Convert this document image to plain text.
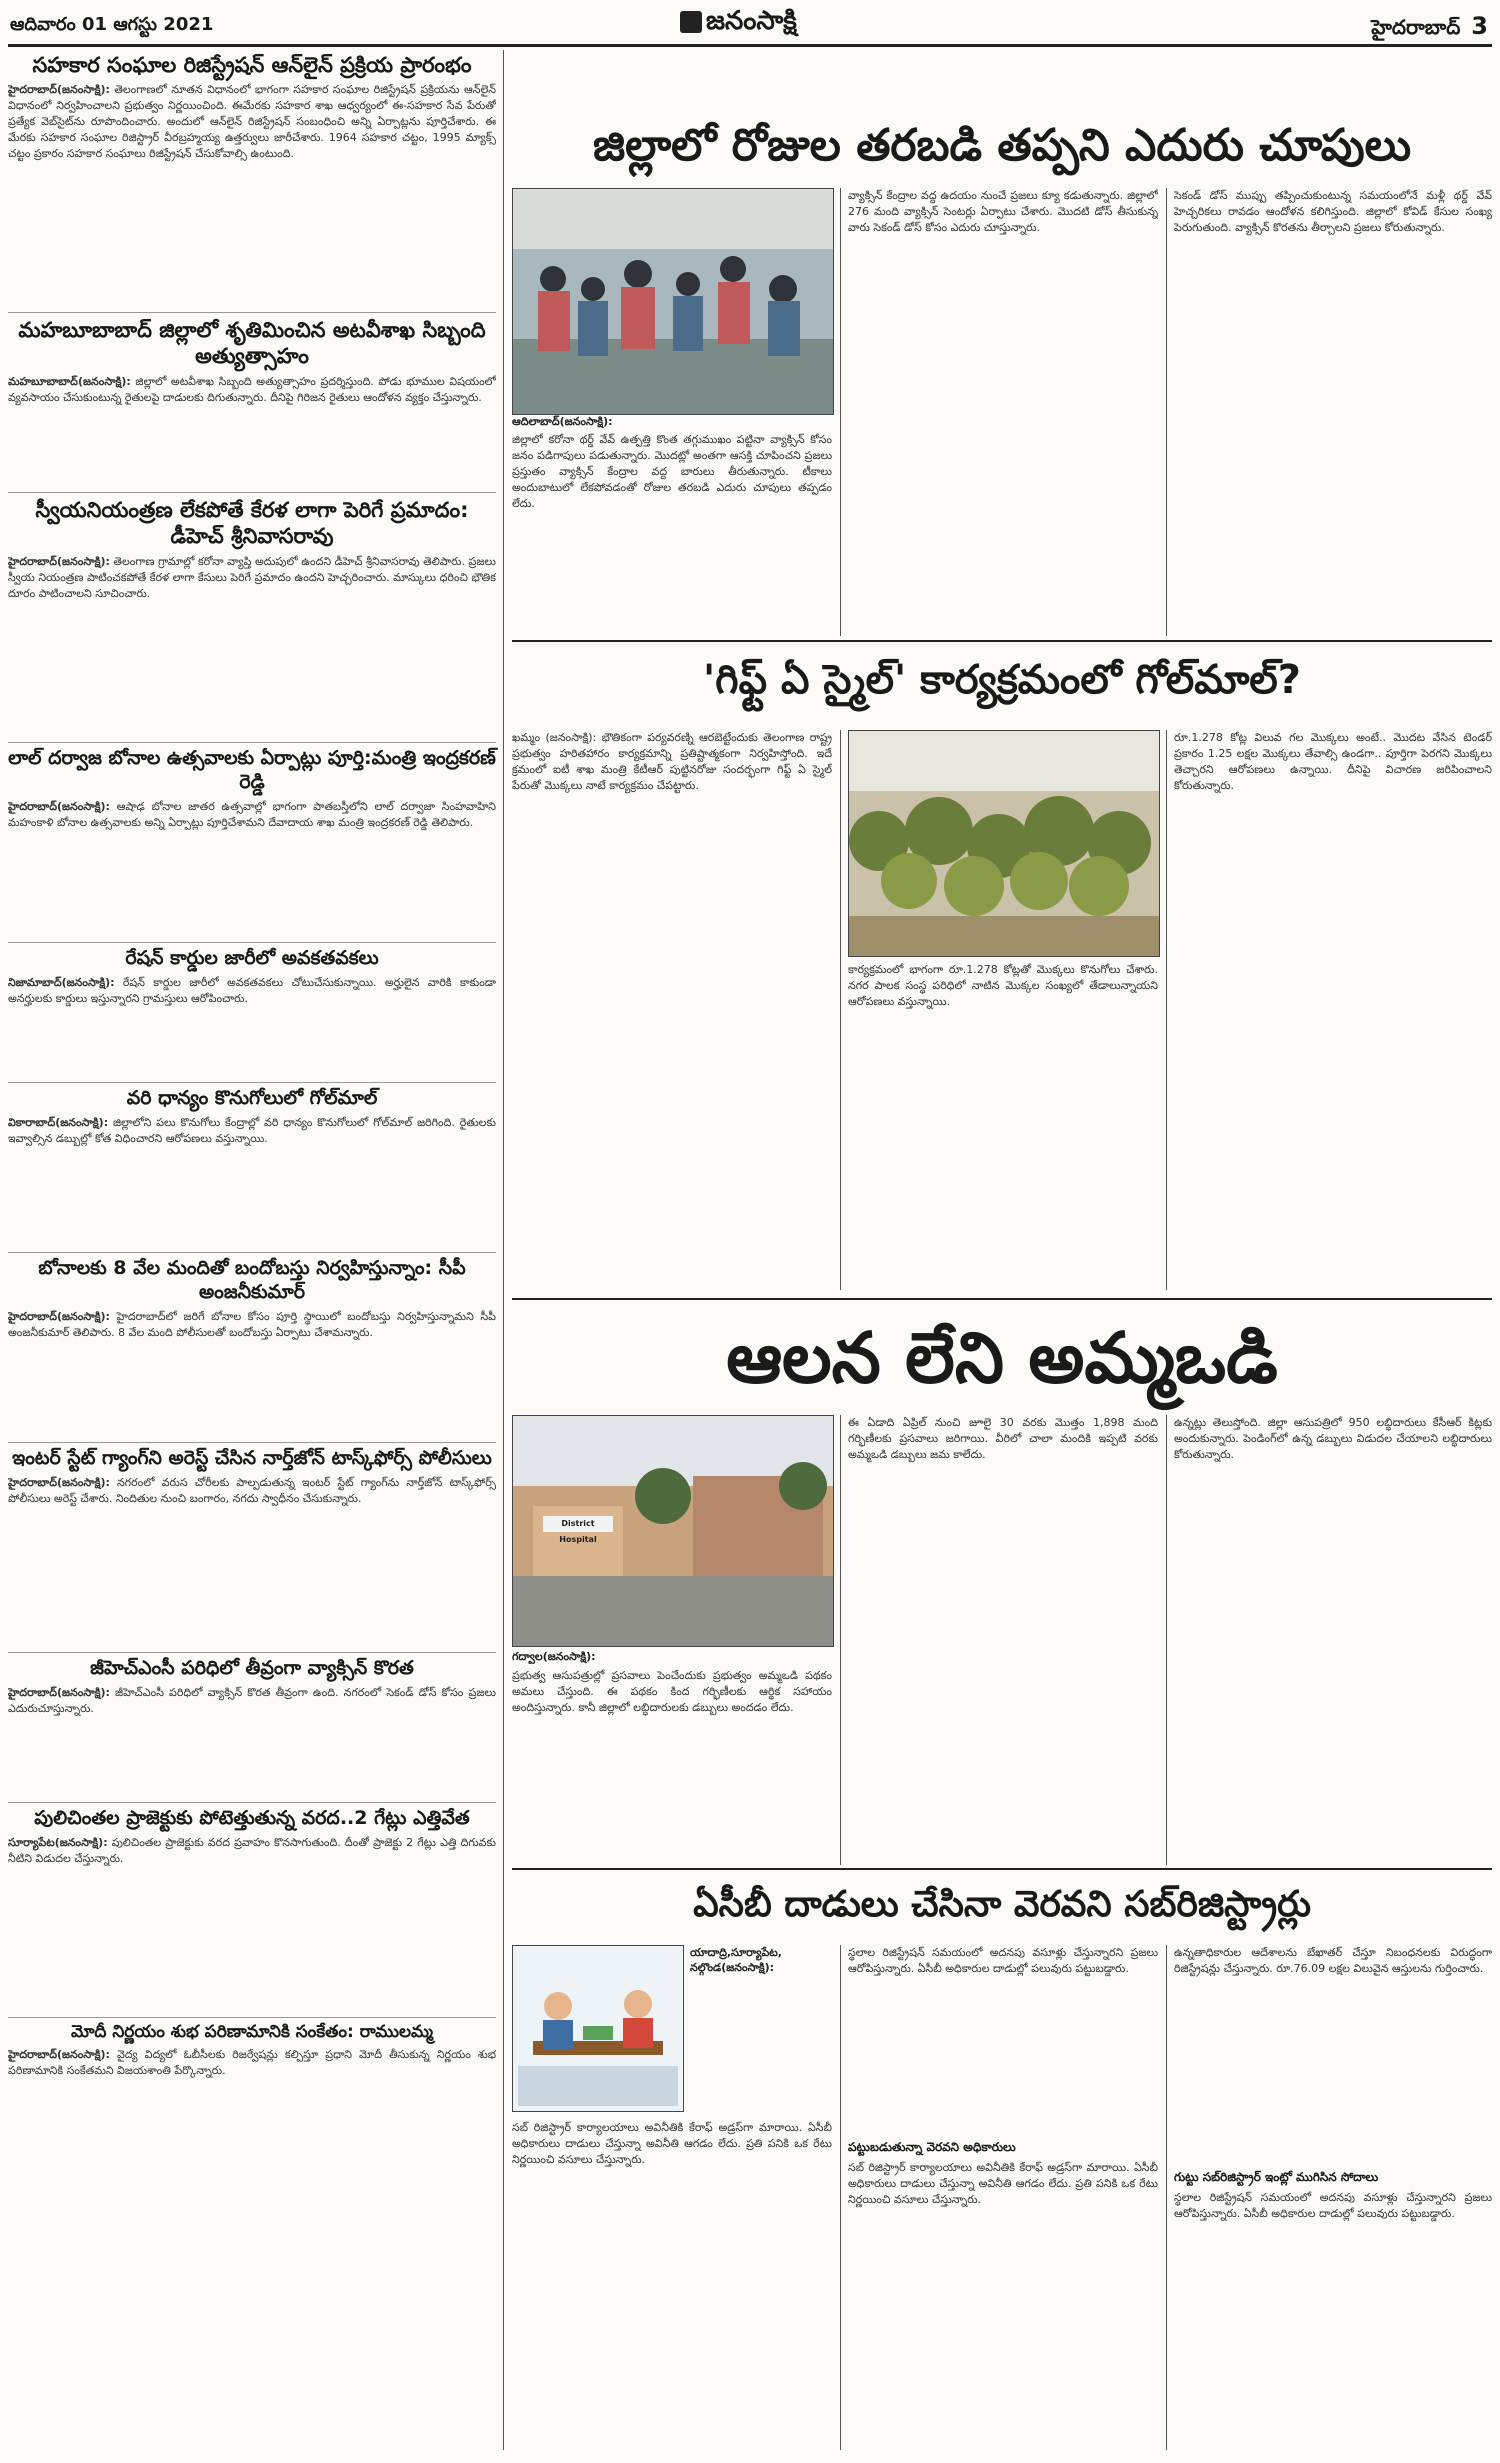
ఆదివారం 01 ఆగస్టు 2021	జనంసాక్షి	హైదరాబాద్ 3
సహకార సంఘాల రిజిస్ట్రేషన్ ఆన్‌లైన్ ప్రక్రియ ప్రారంభం
హైదరాబాద్(జనంసాక్షి): తెలంగాణలో నూతన విధానంలో భాగంగా సహకార సంఘాల రిజిస్ట్రేషన్ ప్రక్రియను ఆన్‌లైన్ విధానంలో నిర్వహించాలని ప్రభుత్వం నిర్ణయించింది. ఈమేరకు సహకార శాఖ ఆధ్వర్యంలో ఈ-సహకార సేవ పేరుతో ప్రత్యేక వెబ్‌సైట్‌ను రూపొందించారు. అందులో ఆన్‌లైన్ రిజిస్ట్రేషన్ సంబంధించి అన్ని ఏర్పాట్లను పూర్తిచేశారు. ఈ మేరకు సహకార సంఘాల రిజిస్ట్రార్ వీరబ్రహ్మయ్య ఉత్తర్వులు జారీచేశారు. 1964 సహకార చట్టం, 1995 మ్యాక్స్ చట్టం ప్రకారం సహకార సంఘాలు రిజిస్ట్రేషన్ చేసుకోవాల్సి ఉంటుంది.
మహబూబాబాద్ జిల్లాలో శృతిమించిన అటవీశాఖ సిబ్బంది అత్యుత్సాహం
మహబూబాబాద్(జనంసాక్షి): జిల్లాలో అటవీశాఖ సిబ్బంది అత్యుత్సాహం ప్రదర్శిస్తుంది. పోడు భూముల విషయంలో వ్యవసాయం చేసుకుంటున్న రైతులపై దాడులకు దిగుతున్నారు. దీనిపై గిరిజన రైతులు ఆందోళన వ్యక్తం చేస్తున్నారు.
స్వీయనియంత్రణ లేకపోతే కేరళ లాగా పెరిగే ప్రమాదం: డీహెచ్ శ్రీనివాసరావు
హైదరాబాద్(జనంసాక్షి): తెలంగాణ గ్రామాల్లో కరోనా వ్యాప్తి అదుపులో ఉందని డీహెచ్ శ్రీనివాసరావు తెలిపారు. ప్రజలు స్వీయ నియంత్రణ పాటించకపోతే కేరళ లాగా కేసులు పెరిగే ప్రమాదం ఉందని హెచ్చరించారు. మాస్కులు ధరించి భౌతిక దూరం పాటించాలని సూచించారు.
లాల్ దర్వాజ బోనాల ఉత్సవాలకు ఏర్పాట్లు పూర్తి:మంత్రి ఇంద్రకరణ్ రెడ్డి
హైదరాబాద్(జనంసాక్షి): ఆషాఢ బోనాల జాతర ఉత్సవాల్లో భాగంగా పాతబస్తీలోని లాల్ దర్వాజా సింహవాహిని మహంకాళి బోనాల ఉత్సవాలకు అన్ని ఏర్పాట్లు పూర్తిచేశామని దేవాదాయ శాఖ మంత్రి ఇంద్రకరణ్ రెడ్డి తెలిపారు.
రేషన్ కార్డుల జారీలో అవకతవకలు
నిజామాబాద్(జనంసాక్షి): రేషన్ కార్డుల జారీలో అవకతవకలు చోటుచేసుకున్నాయి. అర్హులైన వారికి కాకుండా అనర్హులకు కార్డులు ఇస్తున్నారని గ్రామస్తులు ఆరోపించారు.
వరి ధాన్యం కొనుగోలులో గోల్‌మాల్
వికారాబాద్(జనంసాక్షి): జిల్లాలోని పలు కొనుగోలు కేంద్రాల్లో వరి ధాన్యం కొనుగోలులో గోల్‌మాల్ జరిగింది. రైతులకు ఇవ్వాల్సిన డబ్బుల్లో కోత విధించారని ఆరోపణలు వస్తున్నాయి.
బోనాలకు 8 వేల మందితో బందోబస్తు నిర్వహిస్తున్నాం: సీపీ అంజనీకుమార్
హైదరాబాద్(జనంసాక్షి): హైదరాబాద్‌లో జరిగే బోనాల కోసం పూర్తి స్థాయిలో బందోబస్తు నిర్వహిస్తున్నామని సీపీ అంజనీకుమార్ తెలిపారు. 8 వేల మంది పోలీసులతో బందోబస్తు ఏర్పాటు చేశామన్నారు.
ఇంటర్ స్టేట్ గ్యాంగ్‌ని అరెస్ట్ చేసిన నార్త్‌జోన్ టాస్క్‌ఫోర్స్ పోలీసులు
హైదరాబాద్(జనంసాక్షి): నగరంలో వరుస చోరీలకు పాల్పడుతున్న ఇంటర్ స్టేట్ గ్యాంగ్‌ను నార్త్‌జోన్ టాస్క్‌ఫోర్స్ పోలీసులు అరెస్ట్ చేశారు. నిందితుల నుంచి బంగారం, నగదు స్వాధీనం చేసుకున్నారు.
జీహెచ్ఎంసీ పరిధిలో తీవ్రంగా వ్యాక్సిన్ కొరత
హైదరాబాద్(జనంసాక్షి): జీహెచ్ఎంసీ పరిధిలో వ్యాక్సిన్ కొరత తీవ్రంగా ఉంది. నగరంలో సెకండ్ డోస్ కోసం ప్రజలు ఎదురుచూస్తున్నారు.
పులిచింతల ప్రాజెక్టుకు పోటెత్తుతున్న వరద..2 గేట్లు ఎత్తివేత
సూర్యాపేట(జనంసాక్షి): పులిచింతల ప్రాజెక్టుకు వరద ప్రవాహం కొనసాగుతుంది. దీంతో ప్రాజెక్టు 2 గేట్లు ఎత్తి దిగువకు నీటిని విడుదల చేస్తున్నారు.
మోదీ నిర్ణయం శుభ పరిణామానికి సంకేతం: రాములమ్మ
హైదరాబాద్(జనంసాక్షి): వైద్య విద్యలో ఓబీసీలకు రిజర్వేషన్లు కల్పిస్తూ ప్రధాని మోదీ తీసుకున్న నిర్ణయం శుభ పరిణామానికి సంకేతమని విజయశాంతి పేర్కొన్నారు.
జిల్లాలో రోజుల తరబడి తప్పని ఎదురు చూపులు
ఆదిలాబాద్(జనంసాక్షి):
జిల్లాలో కరోనా థర్డ్‌ వేవ్‌ ఉత్పత్తి కొంత తగ్గుముఖం పట్టినా వ్యాక్సిన్ కోసం జనం పడిగాపులు పడుతున్నారు. మొదట్లో అంతగా ఆసక్తి చూపించని ప్రజలు ప్రస్తుతం వ్యాక్సిన్ కేంద్రాల వద్ద బారులు తీరుతున్నారు. టీకాలు అందుబాటులో లేకపోవడంతో రోజుల తరబడి ఎదురు చూపులు తప్పడం లేదు.
వ్యాక్సిన్ కేంద్రాల వద్ద ఉదయం నుంచే ప్రజలు క్యూ కడుతున్నారు. జిల్లాలో 276 మంది వ్యాక్సిన్ సెంటర్లు ఏర్పాటు చేశారు. మొదటి డోస్ తీసుకున్న వారు సెకండ్ డోస్ కోసం ఎదురు చూస్తున్నారు.
సెకండ్ డోస్ ముప్పు తప్పించుకుంటున్న సమయంలోనే మళ్లీ థర్డ్ వేవ్ హెచ్చరికలు రావడం ఆందోళన కలిగిస్తుంది. జిల్లాలో కోవిడ్ కేసుల సంఖ్య పెరుగుతుంది. వ్యాక్సిన్ కొరతను తీర్చాలని ప్రజలు కోరుతున్నారు.
'గిఫ్ట్ ఏ స్మైల్' కార్యక్రమంలో గోల్‌మాల్?
ఖమ్మం (జనంసాక్షి): భౌతికంగా పర్యవరణ్ని ఆరబెట్టేందుకు తెలంగాణ రాష్ట్ర ప్రభుత్వం హరితహారం కార్యక్రమాన్ని ప్రతిష్టాత్మకంగా నిర్వహిస్తోంది. ఇదే క్రమంలో ఐటీ శాఖ మంత్రి కేటీఆర్ పుట్టినరోజు సందర్భంగా గిఫ్ట్ ఏ స్మైల్ పేరుతో మొక్కలు నాటే కార్యక్రమం చేపట్టారు.
కార్యక్రమంలో భాగంగా రూ.1.278 కోట్లతో మొక్కలు కొనుగోలు చేశారు. నగర పాలక సంస్థ పరిధిలో నాటిన మొక్కల సంఖ్యలో తేడాలున్నాయని ఆరోపణలు వస్తున్నాయి.
రూ.1.278 కోట్ల విలువ గల మొక్కలు అంటే.. మొదట వేసిన టెండర్ ప్రకారం 1.25 లక్షల మొక్కలు తేవాల్సి ఉండగా.. పూర్తిగా పెరగని మొక్కలు తెచ్చారని ఆరోపణలు ఉన్నాయి. దీనిపై విచారణ జరిపించాలని కోరుతున్నారు.
ఆలన లేని అమ్మఒడి
District Hospital
గద్వాల(జనంసాక్షి):
ప్రభుత్వ ఆసుపత్రుల్లో ప్రసవాలు పెంచేందుకు ప్రభుత్వం అమ్మఒడి పథకం అమలు చేస్తుంది. ఈ పథకం కింద గర్భిణీలకు ఆర్థిక సహాయం అందిస్తున్నారు. కానీ జిల్లాలో లబ్ధిదారులకు డబ్బులు అందడం లేదు.
ఈ ఏడాది ఏప్రిల్ నుంచి జూలై 30 వరకు మొత్తం 1,898 మంది గర్భిణీలకు ప్రసవాలు జరిగాయి. వీరిలో చాలా మందికి ఇప్పటి వరకు అమ్మఒడి డబ్బులు జమ కాలేదు.
ఉన్నట్లు తెలుస్తోంది. జిల్లా ఆసుపత్రిలో 950 లబ్ధిదారులు కేసీఆర్ కిట్లకు అందుకున్నారు. పెండింగ్‌లో ఉన్న డబ్బులు విడుదల చేయాలని లబ్ధిదారులు కోరుతున్నారు.
ఏసీబీ దాడులు చేసినా వెరవని సబ్‌రిజిస్ట్రార్లు
యాదాద్రి,సూర్యాపేట, నల్గొండ(జనంసాక్షి):
సబ్ రిజిస్ట్రార్ కార్యాలయాలు అవినీతికి కేరాఫ్ అడ్రస్‌గా మారాయి. ఏసీబీ అధికారులు దాడులు చేస్తున్నా అవినీతి ఆగడం లేదు. ప్రతి పనికి ఒక రేటు నిర్ణయించి వసూలు చేస్తున్నారు.
స్థలాల రిజిస్ట్రేషన్ సమయంలో అదనపు వసూళ్లు చేస్తున్నారని ప్రజలు ఆరోపిస్తున్నారు. ఏసీబీ అధికారుల దాడుల్లో పలువురు పట్టుబడ్డారు.
పట్టుబడుతున్నా వెరవని అధికారులు
సబ్ రిజిస్ట్రార్ కార్యాలయాలు అవినీతికి కేరాఫ్ అడ్రస్‌గా మారాయి. ఏసీబీ అధికారులు దాడులు చేస్తున్నా అవినీతి ఆగడం లేదు. ప్రతి పనికి ఒక రేటు నిర్ణయించి వసూలు చేస్తున్నారు.
ఉన్నతాధికారుల ఆదేశాలను బేఖాతర్ చేస్తూ నిబంధనలకు విరుద్ధంగా రిజిస్ట్రేషన్లు చేస్తున్నారు. రూ.76.09 లక్షల విలువైన ఆస్తులను గుర్తించారు.
గుట్టు సబ్‌రిజిస్ట్రార్ ఇంట్లో ముగిసిన సోదాలు
స్థలాల రిజిస్ట్రేషన్ సమయంలో అదనపు వసూళ్లు చేస్తున్నారని ప్రజలు ఆరోపిస్తున్నారు. ఏసీబీ అధికారుల దాడుల్లో పలువురు పట్టుబడ్డారు.
